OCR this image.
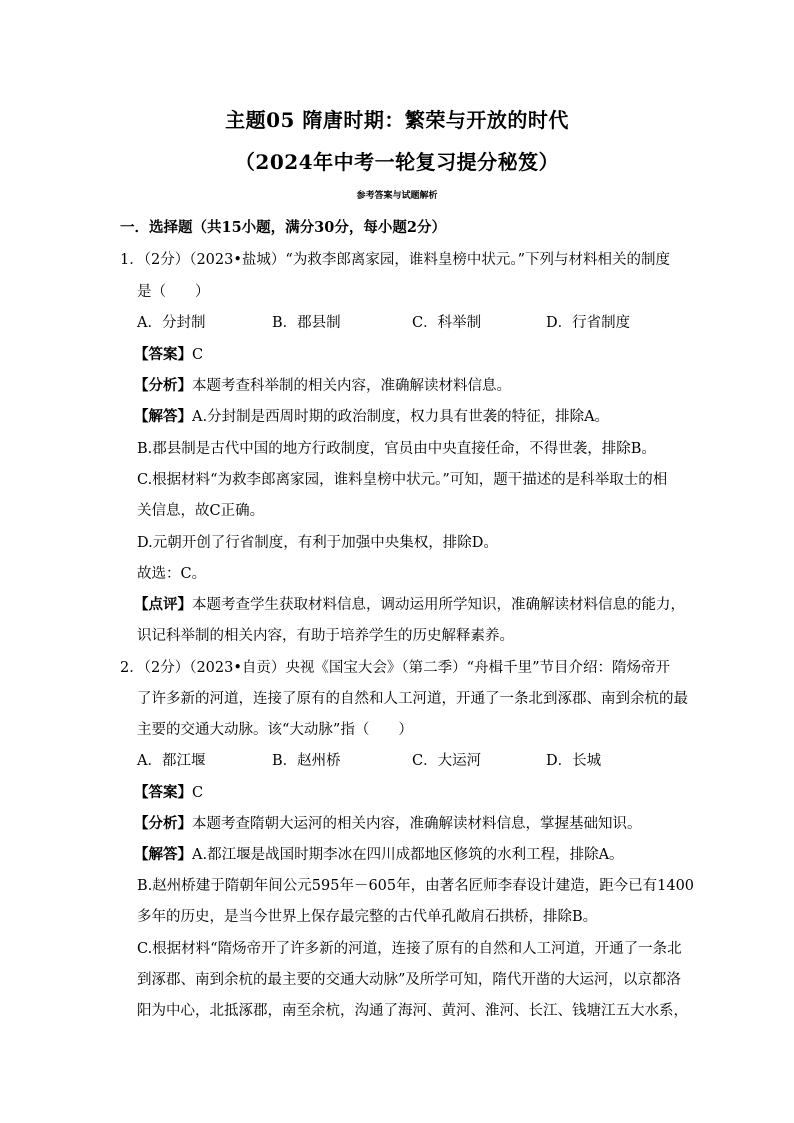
主题05 隋唐时期：繁荣与开放的时代
（2024年中考一轮复习提分秘笈）
参考答案与试题解析
一．选择题（共15小题，满分30分，每小题2分）
1．（2分）（2023•盐城）“为救李郎离家园，谁料皇榜中状元。”下列与材料相关的制度
是（　　）
A．分封制	B．郡县制	C．科举制	D．行省制度
【答案】C
【分析】本题考查科举制的相关内容，准确解读材料信息。
【解答】A.分封制是西周时期的政治制度，权力具有世袭的特征，排除A。
B.郡县制是古代中国的地方行政制度，官员由中央直接任命，不得世袭，排除B。
C.根据材料“为救李郎离家园，谁料皇榜中状元。”可知，题干描述的是科举取士的相
关信息，故C正确。
D.元朝开创了行省制度，有利于加强中央集权，排除D。
故选：C。
【点评】本题考查学生获取材料信息，调动运用所学知识，准确解读材料信息的能力，
识记科举制的相关内容，有助于培养学生的历史解释素养。
2．（2分）（2023•自贡）央视《国宝大会》（第二季）“舟楫千里”节目介绍：隋炀帝开
了许多新的河道，连接了原有的自然和人工河道，开通了一条北到涿郡、南到余杭的最
主要的交通大动脉。该“大动脉”指（　　）
A．都江堰	B．赵州桥	C．大运河	D．长城
【答案】C
【分析】本题考查隋朝大运河的相关内容，准确解读材料信息，掌握基础知识。
【解答】A.都江堰是战国时期李冰在四川成都地区修筑的水利工程，排除A。
B.赵州桥建于隋朝年间公元595年－605年，由著名匠师李春设计建造，距今已有1400
多年的历史，是当今世界上保存最完整的古代单孔敞肩石拱桥，排除B。
C.根据材料“隋炀帝开了许多新的河道，连接了原有的自然和人工河道，开通了一条北
到涿郡、南到余杭的最主要的交通大动脉”及所学可知，隋代开凿的大运河，以京都洛
阳为中心，北抵涿郡，南至余杭，沟通了海河、黄河、淮河、长江、钱塘江五大水系，
